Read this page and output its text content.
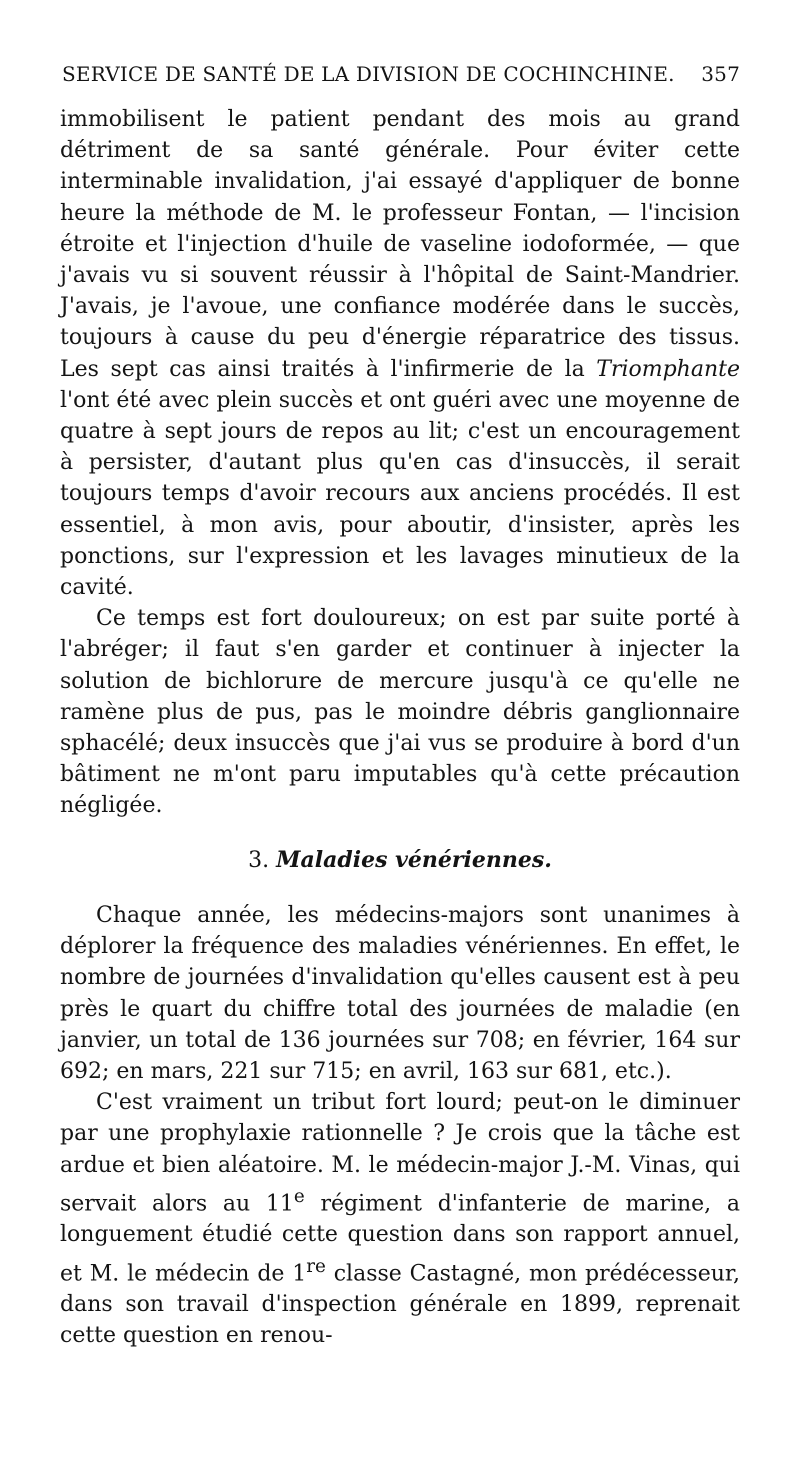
SERVICE DE SANTÉ DE LA DIVISION DE COCHINCHINE. 357

immobilisent le patient pendant des mois au grand détriment de sa santé générale. Pour éviter cette interminable invalidation, j'ai essayé d'appliquer de bonne heure la méthode de M. le professeur Fontan, — l'incision étroite et l'injection d'huile de vaseline iodoformée, — que j'avais vu si souvent réussir à l'hôpital de Saint-Mandrier. J'avais, je l'avoue, une confiance modérée dans le succès, toujours à cause du peu d'énergie réparatrice des tissus. Les sept cas ainsi traités à l'infirmerie de la Triomphante l'ont été avec plein succès et ont guéri avec une moyenne de quatre à sept jours de repos au lit; c'est un encouragement à persister, d'autant plus qu'en cas d'insuccès, il serait toujours temps d'avoir recours aux anciens procédés. Il est essentiel, à mon avis, pour aboutir, d'insister, après les ponctions, sur l'expression et les lavages minutieux de la cavité.

Ce temps est fort douloureux; on est par suite porté à l'abréger; il faut s'en garder et continuer à injecter la solution de bichlorure de mercure jusqu'à ce qu'elle ne ramène plus de pus, pas le moindre débris ganglionnaire sphacélé; deux insuccès que j'ai vus se produire à bord d'un bâtiment ne m'ont paru imputables qu'à cette précaution négligée.

3. Maladies vénériennes.

Chaque année, les médecins-majors sont unanimes à déplorer la fréquence des maladies vénériennes. En effet, le nombre de journées d'invalidation qu'elles causent est à peu près le quart du chiffre total des journées de maladie (en janvier, un total de 136 journées sur 708; en février, 164 sur 692; en mars, 221 sur 715; en avril, 163 sur 681, etc.).

C'est vraiment un tribut fort lourd; peut-on le diminuer par une prophylaxie rationnelle ? Je crois que la tâche est ardue et bien aléatoire. M. le médecin-major J.-M. Vinas, qui servait alors au 11e régiment d'infanterie de marine, a longuement étudié cette question dans son rapport annuel, et M. le médecin de 1re classe Castagné, mon prédécesseur, dans son travail d'inspection générale en 1899, reprenait cette question en renou-
